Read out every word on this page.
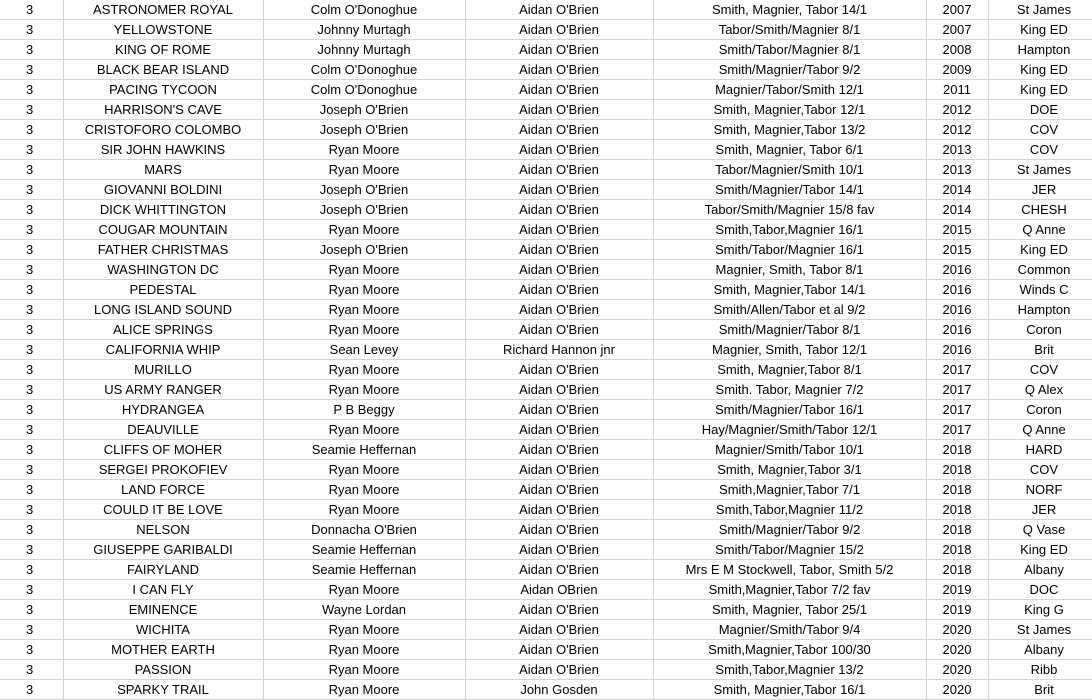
3	ASTRONOMER ROYAL	Colm O'Donoghue	Aidan O'Brien	Smith, Magnier, Tabor 14/1	2007	St James
3	YELLOWSTONE	Johnny Murtagh	Aidan O'Brien	Tabor/Smith/Magnier 8/1	2007	King ED
3	KING OF ROME	Johnny Murtagh	Aidan O'Brien	Smith/Tabor/Magnier 8/1	2008	Hampton
3	BLACK BEAR ISLAND	Colm O'Donoghue	Aidan O'Brien	Smith/Magnier/Tabor 9/2	2009	King ED
3	PACING TYCOON	Colm O'Donoghue	Aidan O'Brien	Magnier/Tabor/Smith 12/1	2011	King ED
3	HARRISON'S CAVE	Joseph O'Brien	Aidan O'Brien	Smith, Magnier,Tabor 12/1	2012	DOE
3	CRISTOFORO COLOMBO	Joseph O'Brien	Aidan O'Brien	Smith, Magnier,Tabor 13/2	2012	COV
3	SIR JOHN HAWKINS	Ryan Moore	Aidan O'Brien	Smith, Magnier, Tabor 6/1	2013	COV
3	MARS	Ryan Moore	Aidan O'Brien	Tabor/Magnier/Smith 10/1	2013	St James
3	GIOVANNI BOLDINI	Joseph O'Brien	Aidan O'Brien	Smith/Magnier/Tabor 14/1	2014	JER
3	DICK WHITTINGTON	Joseph O'Brien	Aidan O'Brien	Tabor/Smith/Magnier 15/8 fav	2014	CHESH
3	COUGAR MOUNTAIN	Ryan Moore	Aidan O'Brien	Smith,Tabor,Magnier 16/1	2015	Q Anne
3	FATHER CHRISTMAS	Joseph O'Brien	Aidan O'Brien	Smith/Tabor/Magnier 16/1	2015	King ED
3	WASHINGTON DC	Ryan Moore	Aidan O'Brien	Magnier, Smith, Tabor 8/1	2016	Common
3	PEDESTAL	Ryan Moore	Aidan O'Brien	Smith, Magnier,Tabor 14/1	2016	Winds C
3	LONG ISLAND SOUND	Ryan Moore	Aidan O'Brien	Smith/Allen/Tabor et al 9/2	2016	Hampton
3	ALICE SPRINGS	Ryan Moore	Aidan O'Brien	Smith/Magnier/Tabor 8/1	2016	Coron
3	CALIFORNIA WHIP	Sean Levey	Richard Hannon jnr	Magnier, Smith, Tabor 12/1	2016	Brit
3	MURILLO	Ryan Moore	Aidan O'Brien	Smith, Magnier,Tabor 8/1	2017	COV
3	US ARMY RANGER	Ryan Moore	Aidan O'Brien	Smith. Tabor, Magnier 7/2	2017	Q Alex
3	HYDRANGEA	P B Beggy	Aidan O'Brien	Smith/Magnier/Tabor 16/1	2017	Coron
3	DEAUVILLE	Ryan Moore	Aidan O'Brien	Hay/Magnier/Smith/Tabor 12/1	2017	Q Anne
3	CLIFFS OF MOHER	Seamie Heffernan	Aidan O'Brien	Magnier/Smith/Tabor 10/1	2018	HARD
3	SERGEI PROKOFIEV	Ryan Moore	Aidan O'Brien	Smith, Magnier,Tabor 3/1	2018	COV
3	LAND FORCE	Ryan Moore	Aidan O'Brien	Smith,Magnier,Tabor 7/1	2018	NORF
3	COULD IT BE LOVE	Ryan Moore	Aidan O'Brien	Smith,Tabor,Magnier 11/2	2018	JER
3	NELSON	Donnacha O'Brien	Aidan O'Brien	Smith/Magnier/Tabor 9/2	2018	Q Vase
3	GIUSEPPE GARIBALDI	Seamie Heffernan	Aidan O'Brien	Smith/Tabor/Magnier 15/2	2018	King ED
3	FAIRYLAND	Seamie Heffernan	Aidan O'Brien	Mrs E M Stockwell, Tabor, Smith 5/2	2018	Albany
3	I CAN FLY	Ryan Moore	Aidan OBrien	Smith,Magnier,Tabor 7/2 fav	2019	DOC
3	EMINENCE	Wayne Lordan	Aidan O'Brien	Smith, Magnier, Tabor 25/1	2019	King G
3	WICHITA	Ryan Moore	Aidan O'Brien	Magnier/Smith/Tabor 9/4	2020	St James
3	MOTHER EARTH	Ryan Moore	Aidan O'Brien	Smith,Magnier,Tabor 100/30	2020	Albany
3	PASSION	Ryan Moore	Aidan O'Brien	Smith,Tabor,Magnier 13/2	2020	Ribb
3	SPARKY TRAIL	Ryan Moore	John Gosden	Smith, Magnier,Tabor 16/1	2020	Brit
